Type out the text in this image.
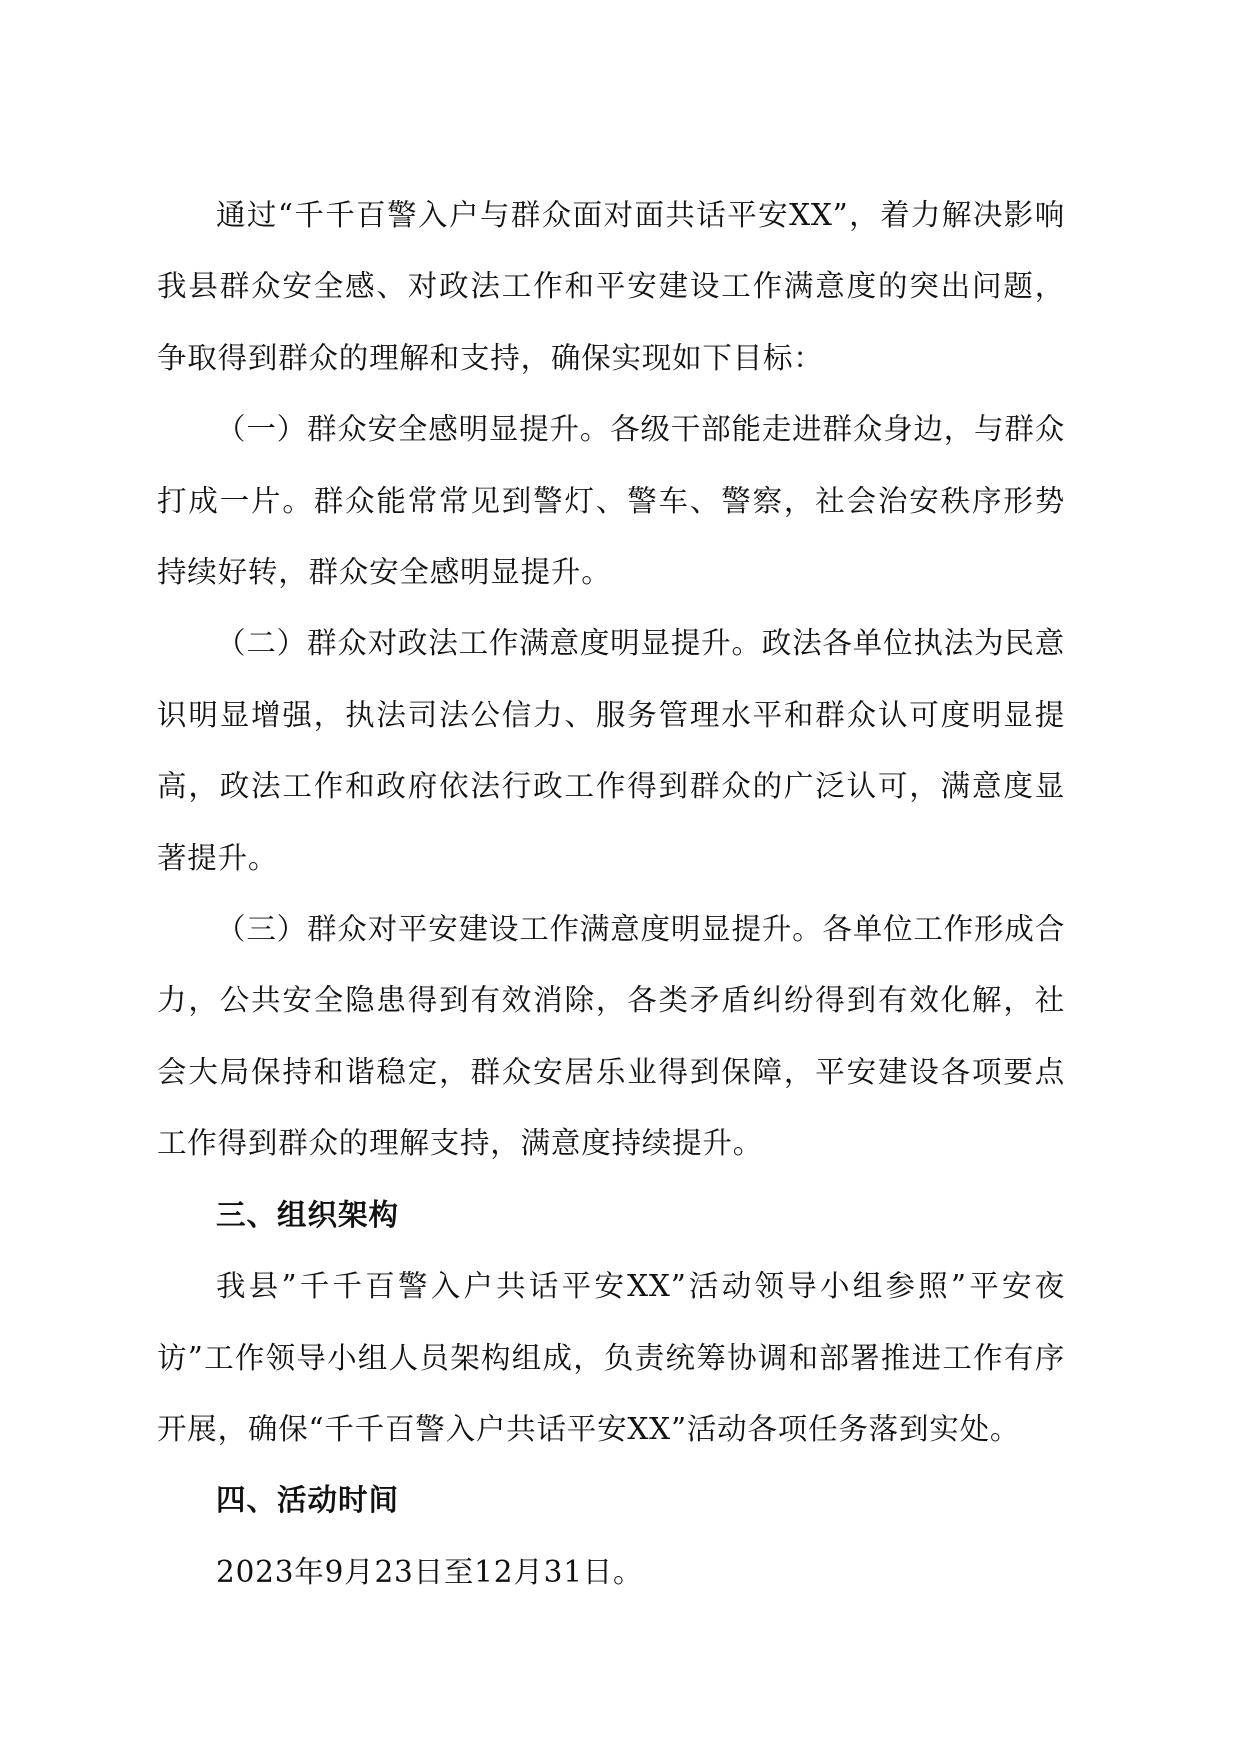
通过“千千百警入户与群众面对面共话平安XX”，着力解决影响我县群众安全感、对政法工作和平安建设工作满意度的突出问题，争取得到群众的理解和支持，确保实现如下目标：

（一）群众安全感明显提升。各级干部能走进群众身边，与群众打成一片。群众能常常见到警灯、警车、警察，社会治安秩序形势持续好转，群众安全感明显提升。

（二）群众对政法工作满意度明显提升。政法各单位执法为民意识明显增强，执法司法公信力、服务管理水平和群众认可度明显提高，政法工作和政府依法行政工作得到群众的广泛认可，满意度显著提升。

（三）群众对平安建设工作满意度明显提升。各单位工作形成合力，公共安全隐患得到有效消除，各类矛盾纠纷得到有效化解，社会大局保持和谐稳定，群众安居乐业得到保障，平安建设各项要点工作得到群众的理解支持，满意度持续提升。

三、组织架构

我县”千千百警入户共话平安XX”活动领导小组参照”平安夜访”工作领导小组人员架构组成，负责统筹协调和部署推进工作有序开展，确保“千千百警入户共话平安XX”活动各项任务落到实处。

四、活动时间

2023年9月23日至12月31日。
